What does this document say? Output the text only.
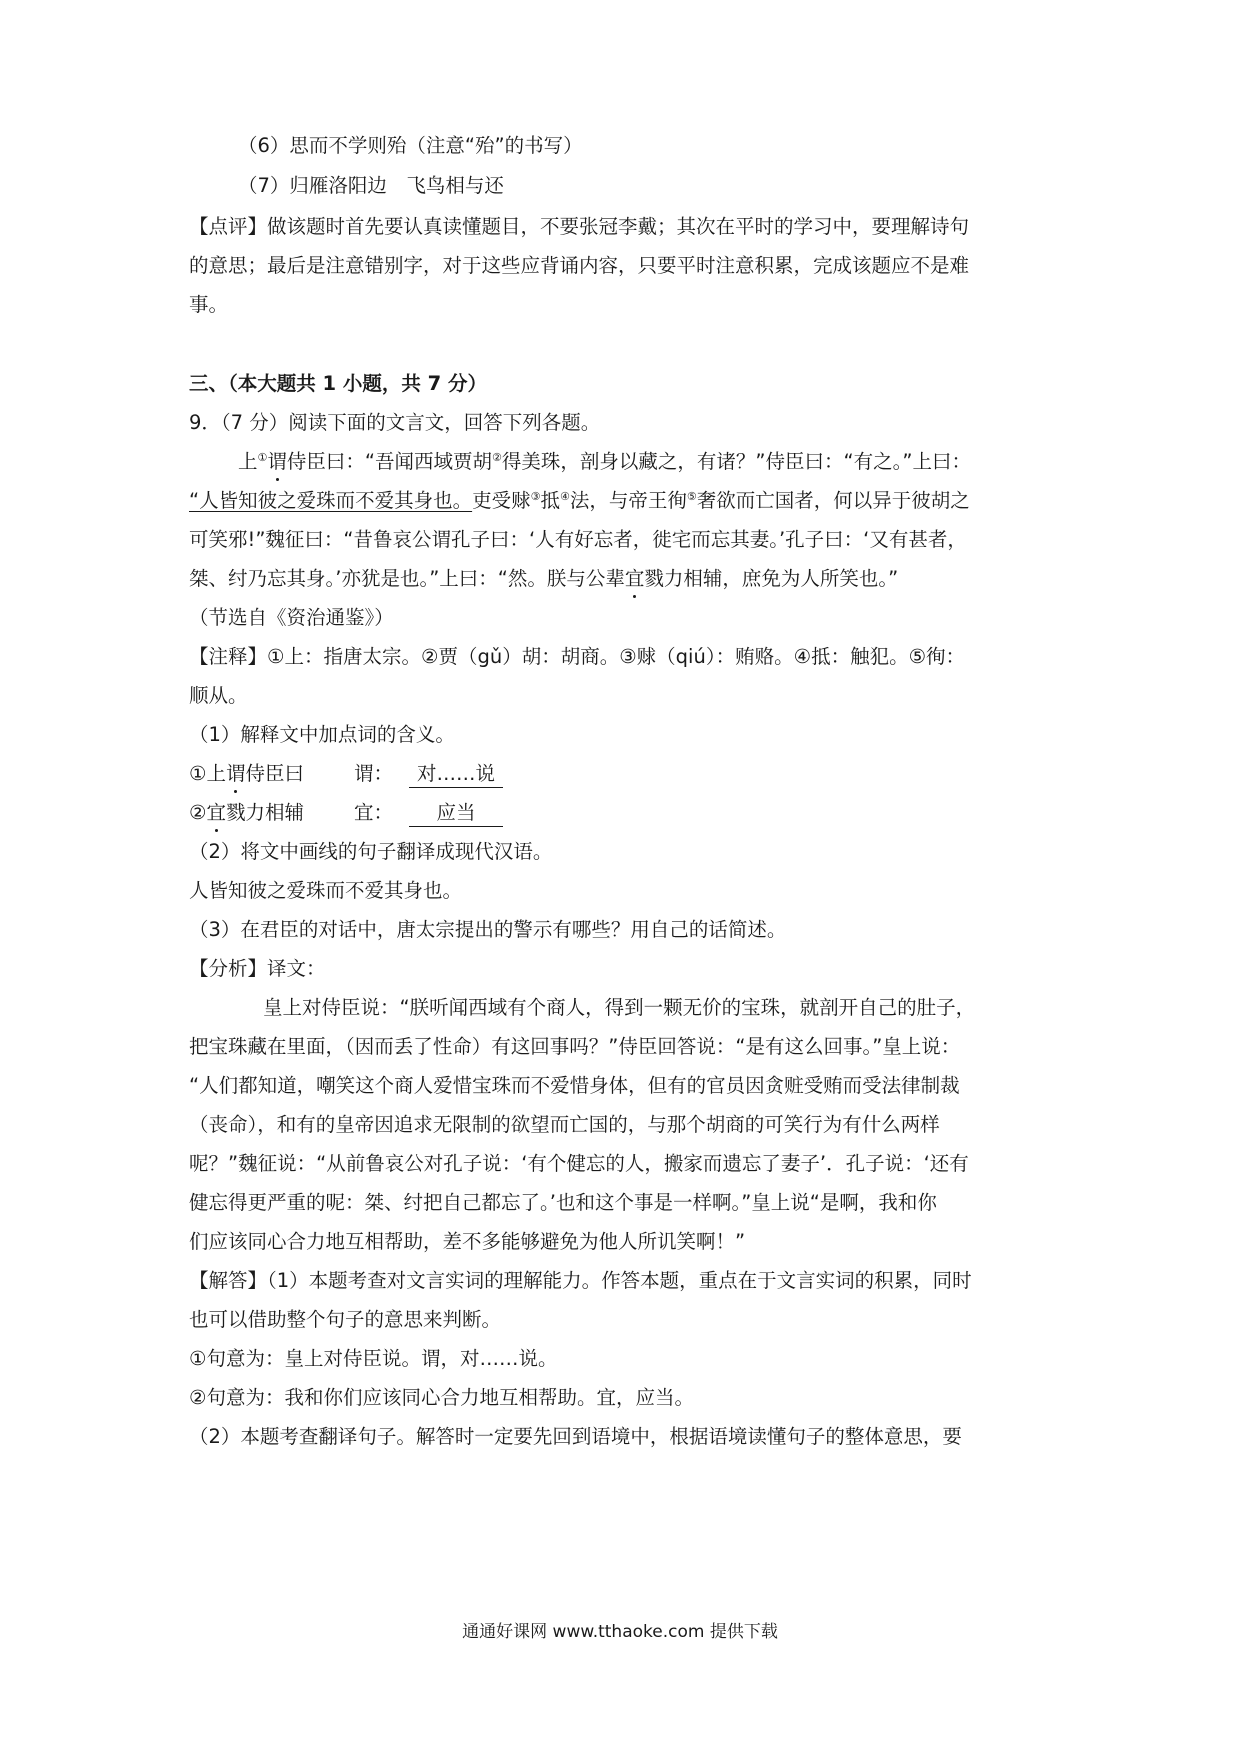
（6）思而不学则殆（注意“殆”的书写）
（7）归雁洛阳边　飞鸟相与还
【点评】做该题时首先要认真读懂题目，不要张冠李戴；其次在平时的学习中，要理解诗句
的意思；最后是注意错别字，对于这些应背诵内容，只要平时注意积累，完成该题应不是难
事。
三、（本大题共 1 小题，共 7 分）
9．（7 分）阅读下面的文言文，回答下列各题。
上①谓侍臣曰：“吾闻西域贾胡②得美珠，剖身以藏之，有诸？”侍臣曰：“有之。”上曰：
“人皆知彼之爱珠而不爱其身也。吏受赇③抵④法，与帝王徇⑤奢欲而亡国者，何以异于彼胡之
可笑邪!”魏征曰：“昔鲁哀公谓孔子曰：‘人有好忘者，徙宅而忘其妻。’孔子曰：‘又有甚者，
桀、纣乃忘其身。’亦犹是也。”上曰：“然。朕与公辈宜戮力相辅，庶免为人所笑也。”
（节选自《资治通鉴》）
【注释】①上：指唐太宗。②贾（gǔ）胡：胡商。③赇（qiú）：贿赂。④抵：触犯。⑤徇：
顺从。
（1）解释文中加点词的含义。
①上谓侍臣曰	谓： 对……说
②宜戮力相辅	宜： 应当
（2）将文中画线的句子翻译成现代汉语。
人皆知彼之爱珠而不爱其身也。
（3）在君臣的对话中，唐太宗提出的警示有哪些？用自己的话简述。
【分析】译文：
皇上对侍臣说：“朕听闻西域有个商人，得到一颗无价的宝珠，就剖开自己的肚子，
把宝珠藏在里面，（因而丢了性命）有这回事吗？”侍臣回答说：“是有这么回事。”皇上说：
“人们都知道，嘲笑这个商人爱惜宝珠而不爱惜身体，但有的官员因贪赃受贿而受法律制裁
（丧命），和有的皇帝因追求无限制的欲望而亡国的，与那个胡商的可笑行为有什么两样
呢？”魏征说：“从前鲁哀公对孔子说：‘有个健忘的人，搬家而遗忘了妻子’．孔子说：‘还有
健忘得更严重的呢：桀、纣把自己都忘了。’也和这个事是一样啊。”皇上说“是啊，我和你
们应该同心合力地互相帮助，差不多能够避免为他人所讥笑啊！”
【解答】（1）本题考查对文言实词的理解能力。作答本题，重点在于文言实词的积累，同时
也可以借助整个句子的意思来判断。
①句意为：皇上对侍臣说。谓，对……说。
②句意为：我和你们应该同心合力地互相帮助。宜，应当。
（2）本题考查翻译句子。解答时一定要先回到语境中，根据语境读懂句子的整体意思，要
通通好课网 www.tthaoke.com 提供下载
